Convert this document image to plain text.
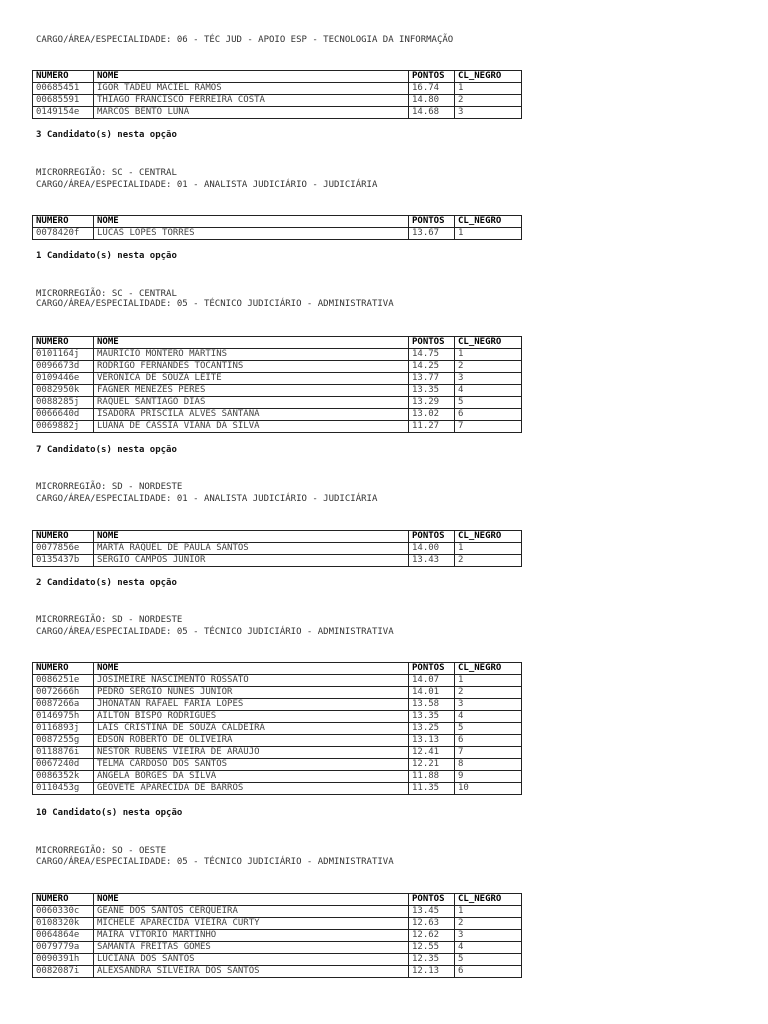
CARGO/ÁREA/ESPECIALIDADE: 06 - TÉC JUD - APOIO ESP - TECNOLOGIA DA INFORMAÇÃO
NUMERO	NOME	PONTOS	CL_NEGRO
00685451	IGOR TADEU MACIEL RAMOS	16.74	1
00685591	THIAGO FRANCISCO FERREIRA COSTA	14.80	2
0149154e	MARCOS BENTO LUNA	14.68	3
3 Candidato(s) nesta opção
MICRORREGIÃO: SC - CENTRAL
CARGO/ÁREA/ESPECIALIDADE: 01 - ANALISTA JUDICIÁRIO - JUDICIÁRIA
NUMERO	NOME	PONTOS	CL_NEGRO
0078420f	LUCAS LOPES TORRES	13.67	1
1 Candidato(s) nesta opção
MICRORREGIÃO: SC - CENTRAL
CARGO/ÁREA/ESPECIALIDADE: 05 - TÉCNICO JUDICIÁRIO - ADMINISTRATIVA
NUMERO	NOME	PONTOS	CL_NEGRO
0101164j	MAURICIO MONTERO MARTINS	14.75	1
0096673d	RODRIGO FERNANDES TOCANTINS	14.25	2
0109446e	VERONICA DE SOUZA LEITE	13.77	3
0082950k	FAGNER MENEZES PERES	13.35	4
0088285j	RAQUEL SANTIAGO DIAS	13.29	5
0066640d	ISADORA PRISCILA ALVES SANTANA	13.02	6
0069882j	LUANA DE CASSIA VIANA DA SILVA	11.27	7
7 Candidato(s) nesta opção
MICRORREGIÃO: SD - NORDESTE
CARGO/ÁREA/ESPECIALIDADE: 01 - ANALISTA JUDICIÁRIO - JUDICIÁRIA
NUMERO	NOME	PONTOS	CL_NEGRO
0077856e	MARTA RAQUEL DE PAULA SANTOS	14.00	1
0135437b	SERGIO CAMPOS JUNIOR	13.43	2
2 Candidato(s) nesta opção
MICRORREGIÃO: SD - NORDESTE
CARGO/ÁREA/ESPECIALIDADE: 05 - TÉCNICO JUDICIÁRIO - ADMINISTRATIVA
NUMERO	NOME	PONTOS	CL_NEGRO
0086251e	JOSIMEIRE NASCIMENTO ROSSATO	14.07	1
0072666h	PEDRO SERGIO NUNES JUNIOR	14.01	2
0087266a	JHONATAN RAFAEL FARIA LOPES	13.58	3
0146975h	AILTON BISPO RODRIGUES	13.35	4
0116893j	LAIS CRISTINA DE SOUZA CALDEIRA	13.25	5
0087255g	EDSON ROBERTO DE OLIVEIRA	13.13	6
0118876i	NESTOR RUBENS VIEIRA DE ARAUJO	12.41	7
0067240d	TELMA CARDOSO DOS SANTOS	12.21	8
0086352k	ANGELA BORGES DA SILVA	11.88	9
0110453g	GEOVETE APARECIDA DE BARROS	11.35	10
10 Candidato(s) nesta opção
MICRORREGIÃO: SO - OESTE
CARGO/ÁREA/ESPECIALIDADE: 05 - TÉCNICO JUDICIÁRIO - ADMINISTRATIVA
NUMERO	NOME	PONTOS	CL_NEGRO
0060330c	GEANE DOS SANTOS CERQUEIRA	13.45	1
0108320k	MICHELE APARECIDA VIEIRA CURTY	12.63	2
0064864e	MAIRA VITORIO MARTINHO	12.62	3
0079779a	SAMANTA FREITAS GOMES	12.55	4
0090391h	LUCIANA DOS SANTOS	12.35	5
0082087i	ALEXSANDRA SILVEIRA DOS SANTOS	12.13	6
